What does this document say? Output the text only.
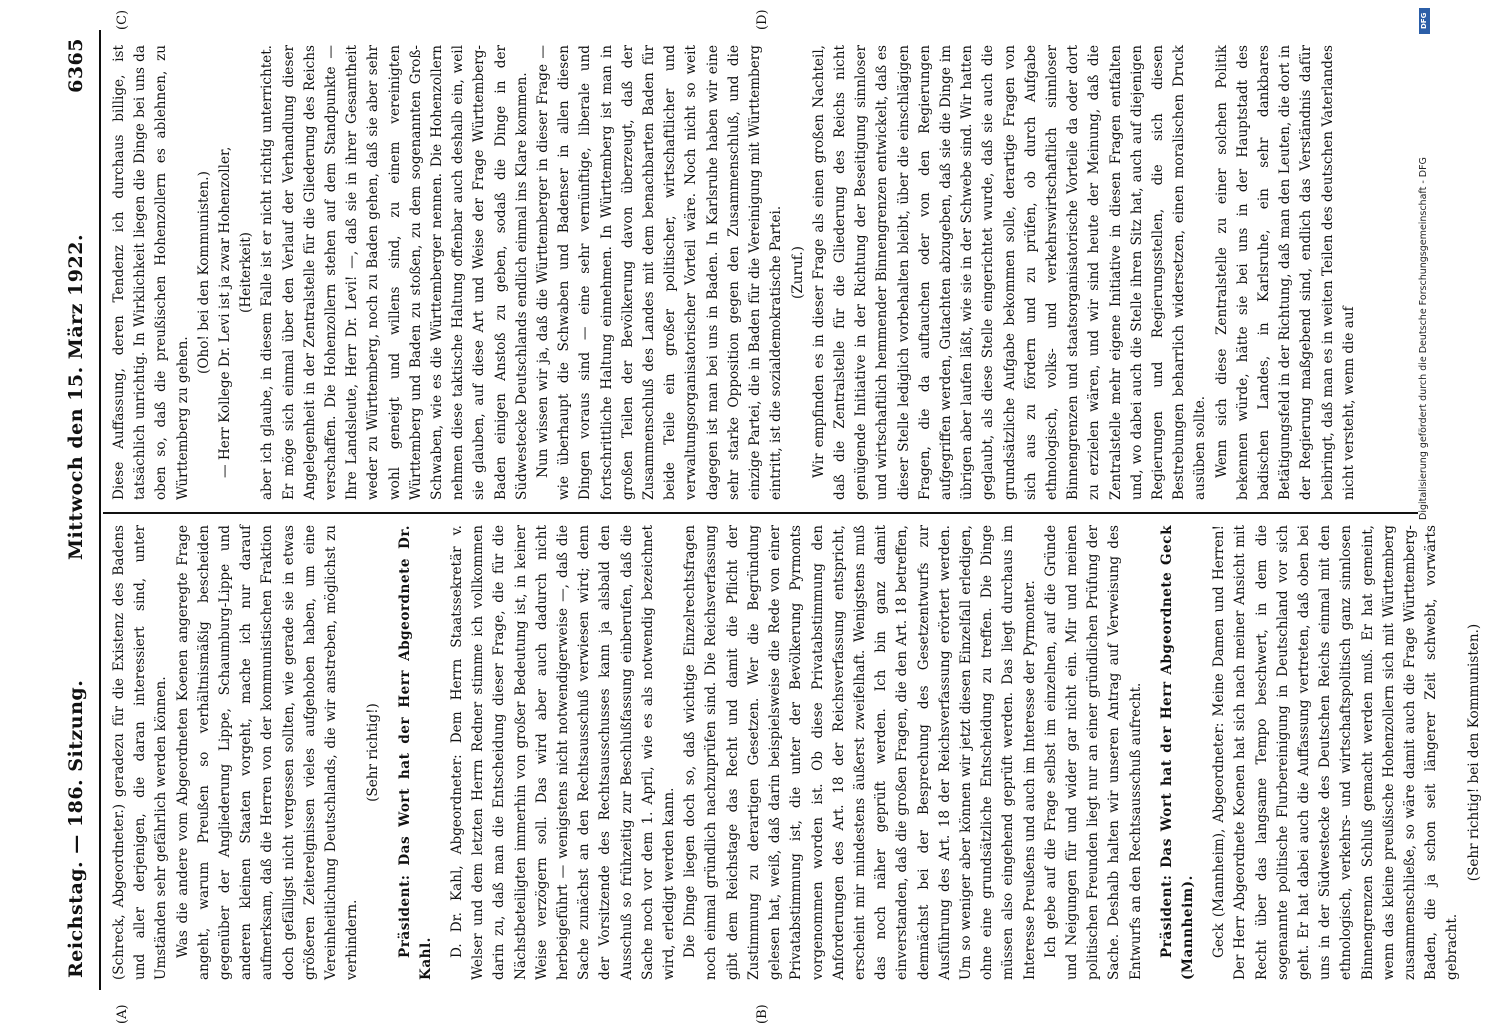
Reichstag. — 186. Sitzung.
Mittwoch den 15. März 1922.
6365
(A)	(B)
(C)	(D)

(Schreck, Abgeordneter.) geradezu für die Existenz des Badens und aller derjenigen, die daran interessiert sind, unter Umständen sehr gefährlich werden können. Was die andere vom Abgeordneten Koenen angeregte Frage angeht, warum Preußen so verhältnismäßig bescheiden gegenüber der Angliederung Lippe, Schaumburg-Lippe und anderen kleinen Staaten vorgeht, mache ich nur darauf aufmerksam, daß die Herren von der kommunistischen Fraktion doch gefälligst nicht vergessen sollten, wie gerade sie in etwas größeren Zeiterelgnissen vieles aufgehoben haben, um eine Vereinheitlichung Deutschlands, die wir anstreben, möglichst zu verhindern.

(Sehr richtig!) Präsident: Das Wort hat der Herr Abgeordnete Dr. Kahl.

D. Dr. Kahl, Abgeordneter: Dem Herrn Staatssekretär v. Welser und dem letzten Herrn Redner stimme ich vollkommen darin zu, daß man die Entscheidung dieser Frage, die für die Nächstbeteiligten immerhin von großer Bedeutung ist, in keiner Weise verzögern soll. Das wird aber auch dadurch nicht herbeigeführt — wenigstens nicht notwendigerweise —, daß die Sache zunächst an den Rechtsausschuß verwiesen wird; denn der Vorsitzende des Rechtsausschusses kann ja alsbald den Ausschuß so frühzeitig zur Beschlußfassung einberufen, daß die Sache noch vor dem 1. April, wie es als notwendig bezeichnet wird, erledigt werden kann. Die Dinge liegen doch so, daß wichtige Einzelrechtsfragen noch einmal gründlich nachzuprüfen sind. Die Reichsverfassung gibt dem Reichstage das Recht und damit die Pflicht der Zustimmung zu derartigen Gesetzen. Wer die Begründung gelesen hat, weiß, daß darin beispielsweise die Rede von einer Privatabstimmung ist, die unter der Bevölkerung Pyrmonts vorgenommen worden ist. Ob diese Privatabstimmung den Anforderungen des Art. 18 der Reichsverfassung entspricht, erscheint mir mindestens äußerst zweifelhaft. Wenigstens muß das noch näher geprüft werden. Ich bin ganz damit einverstanden, daß die großen Fragen, die den Art. 18 betreffen, demnächst bei der Besprechung des Gesetzentwurfs zur Ausführung des Art. 18 der Reichsverfassung erörtert werden. Um so weniger aber können wir jetzt diesen Einzelfall erledigen, ohne eine grundsätzliche Entscheidung zu treffen. Die Dinge müssen also eingehend geprüft werden. Das liegt durchaus im Interesse Preußens und auch im Interesse der Pyrmonter. Ich gebe auf die Frage selbst im einzelnen, auf die Gründe und Neigungen für und wider gar nicht ein. Mir und meinen politischen Freunden liegt nur an einer gründlichen Prüfung der Sache. Deshalb halten wir unseren Antrag auf Verweisung des Entwurfs an den Rechtsausschuß aufrecht. Präsident: Das Wort hat der Herr Abgeordnete Geck (Mannheim). Geck (Mannheim), Abgeordneter: Meine Damen und Herren! Der Herr Abgeordnete Koenen hat sich nach meiner Ansicht mit Recht über das langsame Tempo beschwert, in dem die sogenannte politische Flurbereinigung in Deutschland vor sich geht. Er hat dabei auch die Auffassung vertreten, daß oben bei uns in der Südwestecke des Deutschen Reichs einmal mit den ethnologisch, verkehrs- und wirtschaftspolitisch ganz sinnlosen Binnengrenzen Schluß gemacht werden muß. Er hat gemeint, wenn das kleine preußische Hohenzollern sich mit Württemberg zusammenschließe, so wäre damit auch die Frage Württemberg-Baden, die ja schon seit längerer Zeit schwebt, vorwärts gebracht.

(Sehr richtig! bei den Kommunisten.)

Diese Auffassung, deren Tendenz ich durchaus billige, ist tatsächlich unrichtig. In Wirklichkeit liegen die Dinge bei uns da oben so, daß die preußischen Hohenzollern es ablehnen, zu Württemberg zu gehen.

(Oho! bei den Kommunisten.) — Herr Kollege Dr. Levi ist ja zwar Hohenzoller, (Heiterkeit) aber ich glaube, in diesem Falle ist er nicht richtig unterrichtet. Er möge sich einmal über den Verlauf der Verhandlung dieser Angelegenheit in der Zentralstelle für die Gliederung des Reichs verschaffen. Die Hohenzollern stehen auf dem Standpunkte — Ihre Landsleute, Herr Dr. Levi! —, daß sie in ihrer Gesamtheit weder zu Württemberg, noch zu Baden gehen, daß sie aber sehr wohl geneigt und willens sind, zu einem vereinigten Württemberg und Baden zu stoßen, zu dem sogenannten Groß-Schwaben, wie es die Württemberger nennen. Die Hohenzollern nehmen diese taktische Haltung offenbar auch deshalb ein, weil sie glauben, auf diese Art und Weise der Frage Württemberg-Baden einigen Anstoß zu geben, sodaß die Dinge in der Südwestecke Deutschlands endlich einmal ins Klare kommen. Nun wissen wir ja, daß die Württemberger in dieser Frage — wie überhaupt die Schwaben und Badenser in allen diesen Dingen voraus sind — eine sehr vernünftige, liberale und fortschrittliche Haltung einnehmen. In Württemberg ist man in großen Teilen der Bevölkerung davon überzeugt, daß der Zusammenschluß des Landes mit dem benachbarten Baden für beide Teile ein großer politischer, wirtschaftlicher und verwaltungsorganisatorischer Vorteil wäre. Noch nicht so weit dagegen ist man bei uns in Baden. In Karlsruhe haben wir eine sehr starke Opposition gegen den Zusammenschluß, und die einzige Partei, die in Baden für die Vereinigung mit Württemberg eintritt, ist die sozialdemokratische Partei. (Zuruf.) Wir empfinden es in dieser Frage als einen großen Nachteil, daß die Zentralstelle für die Gliederung des Reichs nicht genügende Initiative in der Richtung der Beseitigung sinnloser und wirtschaftlich hemmender Binnengrenzen entwickelt, daß es dieser Stelle lediglich vorbehalten bleibt, über die einschlägigen Fragen, die da auftauchen oder von den Regierungen aufgegriffen werden, Gutachten abzugeben, daß sie die Dinge im übrigen aber laufen läßt, wie sie in der Schwebe sind. Wir hatten geglaubt, als diese Stelle eingerichtet wurde, daß sie auch die grundsätzliche Aufgabe bekommen solle, derartige Fragen von sich aus zu fördern und zu prüfen, ob durch Aufgabe ethnologisch, volks- und verkehrswirtschaftlich sinnloser Binnengrenzen und staatsorganisatorische Vorteile da oder dort zu erzielen wären, und wir sind heute der Meinung, daß die Zentralstelle mehr eigene Initiative in diesen Fragen entfalten und, wo dabei auch die Stelle ihren Sitz hat, auch auf diejenigen Regierungen und Regierungsstellen, die sich diesen Bestrebungen beharrlich widersetzen, einen moralischen Druck ausüben sollte. Wenn sich diese Zentralstelle zu einer solchen Politik bekennen würde, hätte sie bei uns in der Hauptstadt des badischen Landes, in Karlsruhe, ein sehr dankbares Betätigungsfeld in der Richtung, daß man den Leuten, die dort in der Regierung maßgebend sind, endlich das Verständnis dafür beibringt, daß man es in weiten Teilen des deutschen Vaterlandes nicht versteht, wenn die auf

DFG
Digitalisierung gefördert durch die Deutsche Forschungsgemeinschaft - DFG
